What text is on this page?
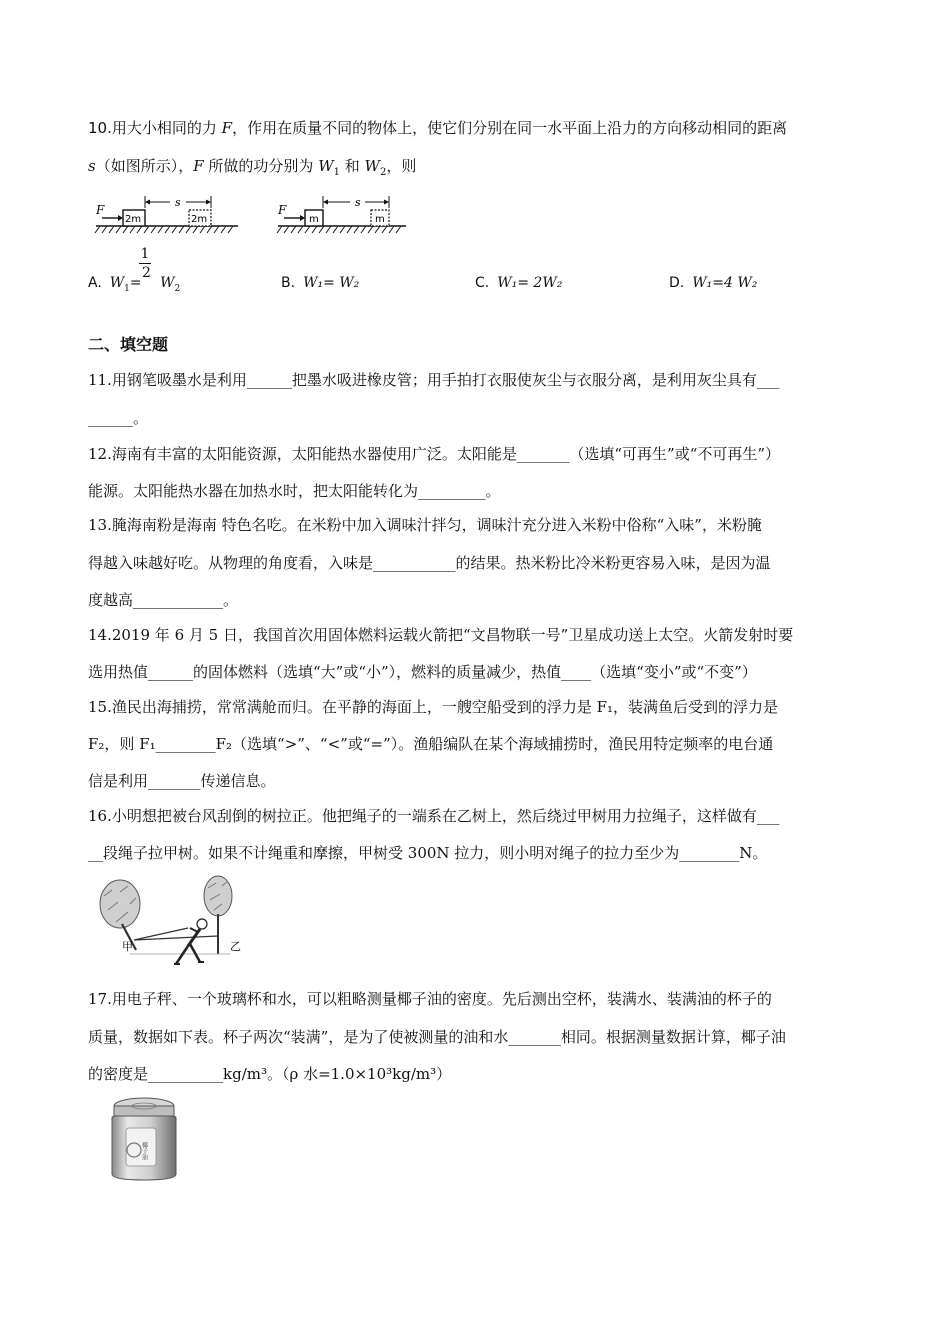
10.用大小相同的力 F，作用在质量不同的物体上，使它们分别在同一水平面上沿力的方向移动相同的距离
s（如图所示），F 所做的功分别为 $W_1$ 和 $W_2$，则
F
2m
s
2m
F
m
s
m
1
2
A. $W_1= W_2$	B. W₁= W₂	C. W₁= 2W₂	D. W₁=4 W₂
二、填空题
11.用钢笔吸墨水是利用______把墨水吸进橡皮管；用手拍打衣服使灰尘与衣服分离，是利用灰尘具有___
______。
12.海南有丰富的太阳能资源，太阳能热水器使用广泛。太阳能是_______（选填“可再生”或“不可再生”）
能源。太阳能热水器在加热水时，把太阳能转化为_________。
13.腌海南粉是海南 特色名吃。在米粉中加入调味汁拌匀，调味汁充分进入米粉中俗称“入味”，米粉腌
得越入味越好吃。从物理的角度看，入味是___________的结果。热米粉比冷米粉更容易入味，是因为温
度越高____________。
14.2019 年 6 月 5 日，我国首次用固体燃料运载火箭把“文昌物联一号”卫星成功送上太空。火箭发射时要
选用热值______的固体燃料（选填“大”或“小”），燃料的质量减少，热值____（选填“变小”或“不变”）
15.渔民出海捕捞，常常满舱而归。在平静的海面上，一艘空船受到的浮力是 F₁，装满鱼后受到的浮力是
F₂，则 F₁________F₂（选填“>”、“<”或“=”）。渔船编队在某个海域捕捞时，渔民用特定频率的电台通
信是利用_______传递信息。
16.小明想把被台风刮倒的树拉正。他把绳子的一端系在乙树上，然后绕过甲树用力拉绳子，这样做有___
__段绳子拉甲树。如果不计绳重和摩擦，甲树受 300N 拉力，则小明对绳子的拉力至少为________N。
甲	乙
17.用电子秤、一个玻璃杯和水，可以粗略测量椰子油的密度。先后测出空杯，装满水、装满油的杯子的
质量，数据如下表。杯子两次“装满”，是为了使被测量的油和水_______相同。根据测量数据计算，椰子油
的密度是__________kg/m³。（ρ 水=1.0×10³kg/m³）
椰子油
